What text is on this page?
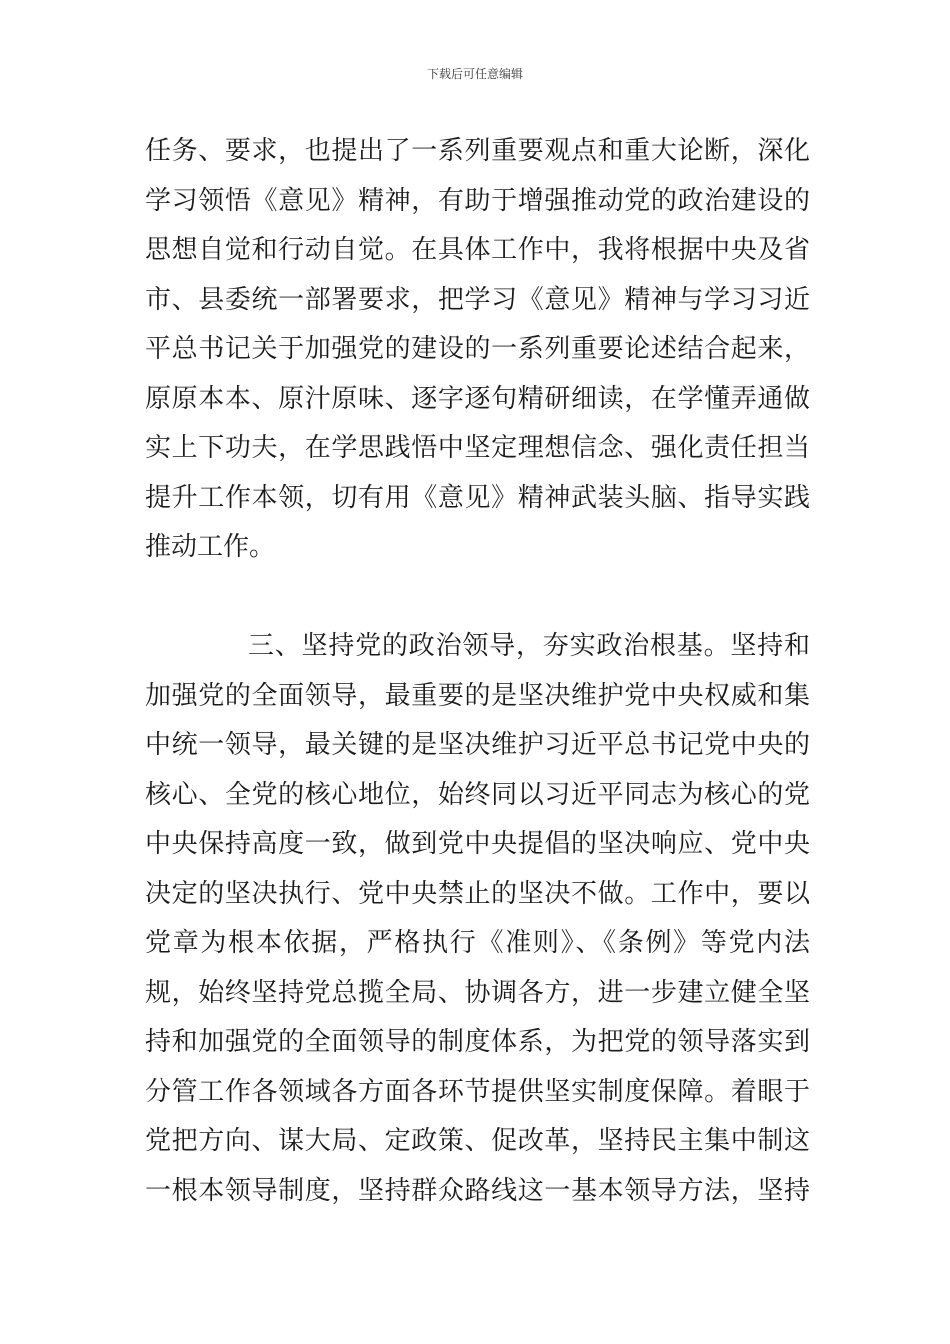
下载后可任意编辑
任务、要求，也提出了一系列重要观点和重大论断，深化
学习领悟《意见》精神，有助于增强推动党的政治建设的
思想自觉和行动自觉。在具体工作中，我将根据中央及省
市、县委统一部署要求，把学习《意见》精神与学习习近
平总书记关于加强党的建设的一系列重要论述结合起来，
原原本本、原汁原味、逐字逐句精研细读，在学懂弄通做
实上下功夫，在学思践悟中坚定理想信念、强化责任担当
提升工作本领，切有用《意见》精神武装头脑、指导实践
推动工作。
三、坚持党的政治领导，夯实政治根基。坚持和
加强党的全面领导，最重要的是坚决维护党中央权威和集
中统一领导，最关键的是坚决维护习近平总书记党中央的
核心、全党的核心地位，始终同以习近平同志为核心的党
中央保持高度一致，做到党中央提倡的坚决响应、党中央
决定的坚决执行、党中央禁止的坚决不做。工作中，要以
党章为根本依据，严格执行《准则》、《条例》等党内法
规，始终坚持党总揽全局、协调各方，进一步建立健全坚
持和加强党的全面领导的制度体系，为把党的领导落实到
分管工作各领域各方面各环节提供坚实制度保障。着眼于
党把方向、谋大局、定政策、促改革，坚持民主集中制这
一根本领导制度，坚持群众路线这一基本领导方法，坚持
